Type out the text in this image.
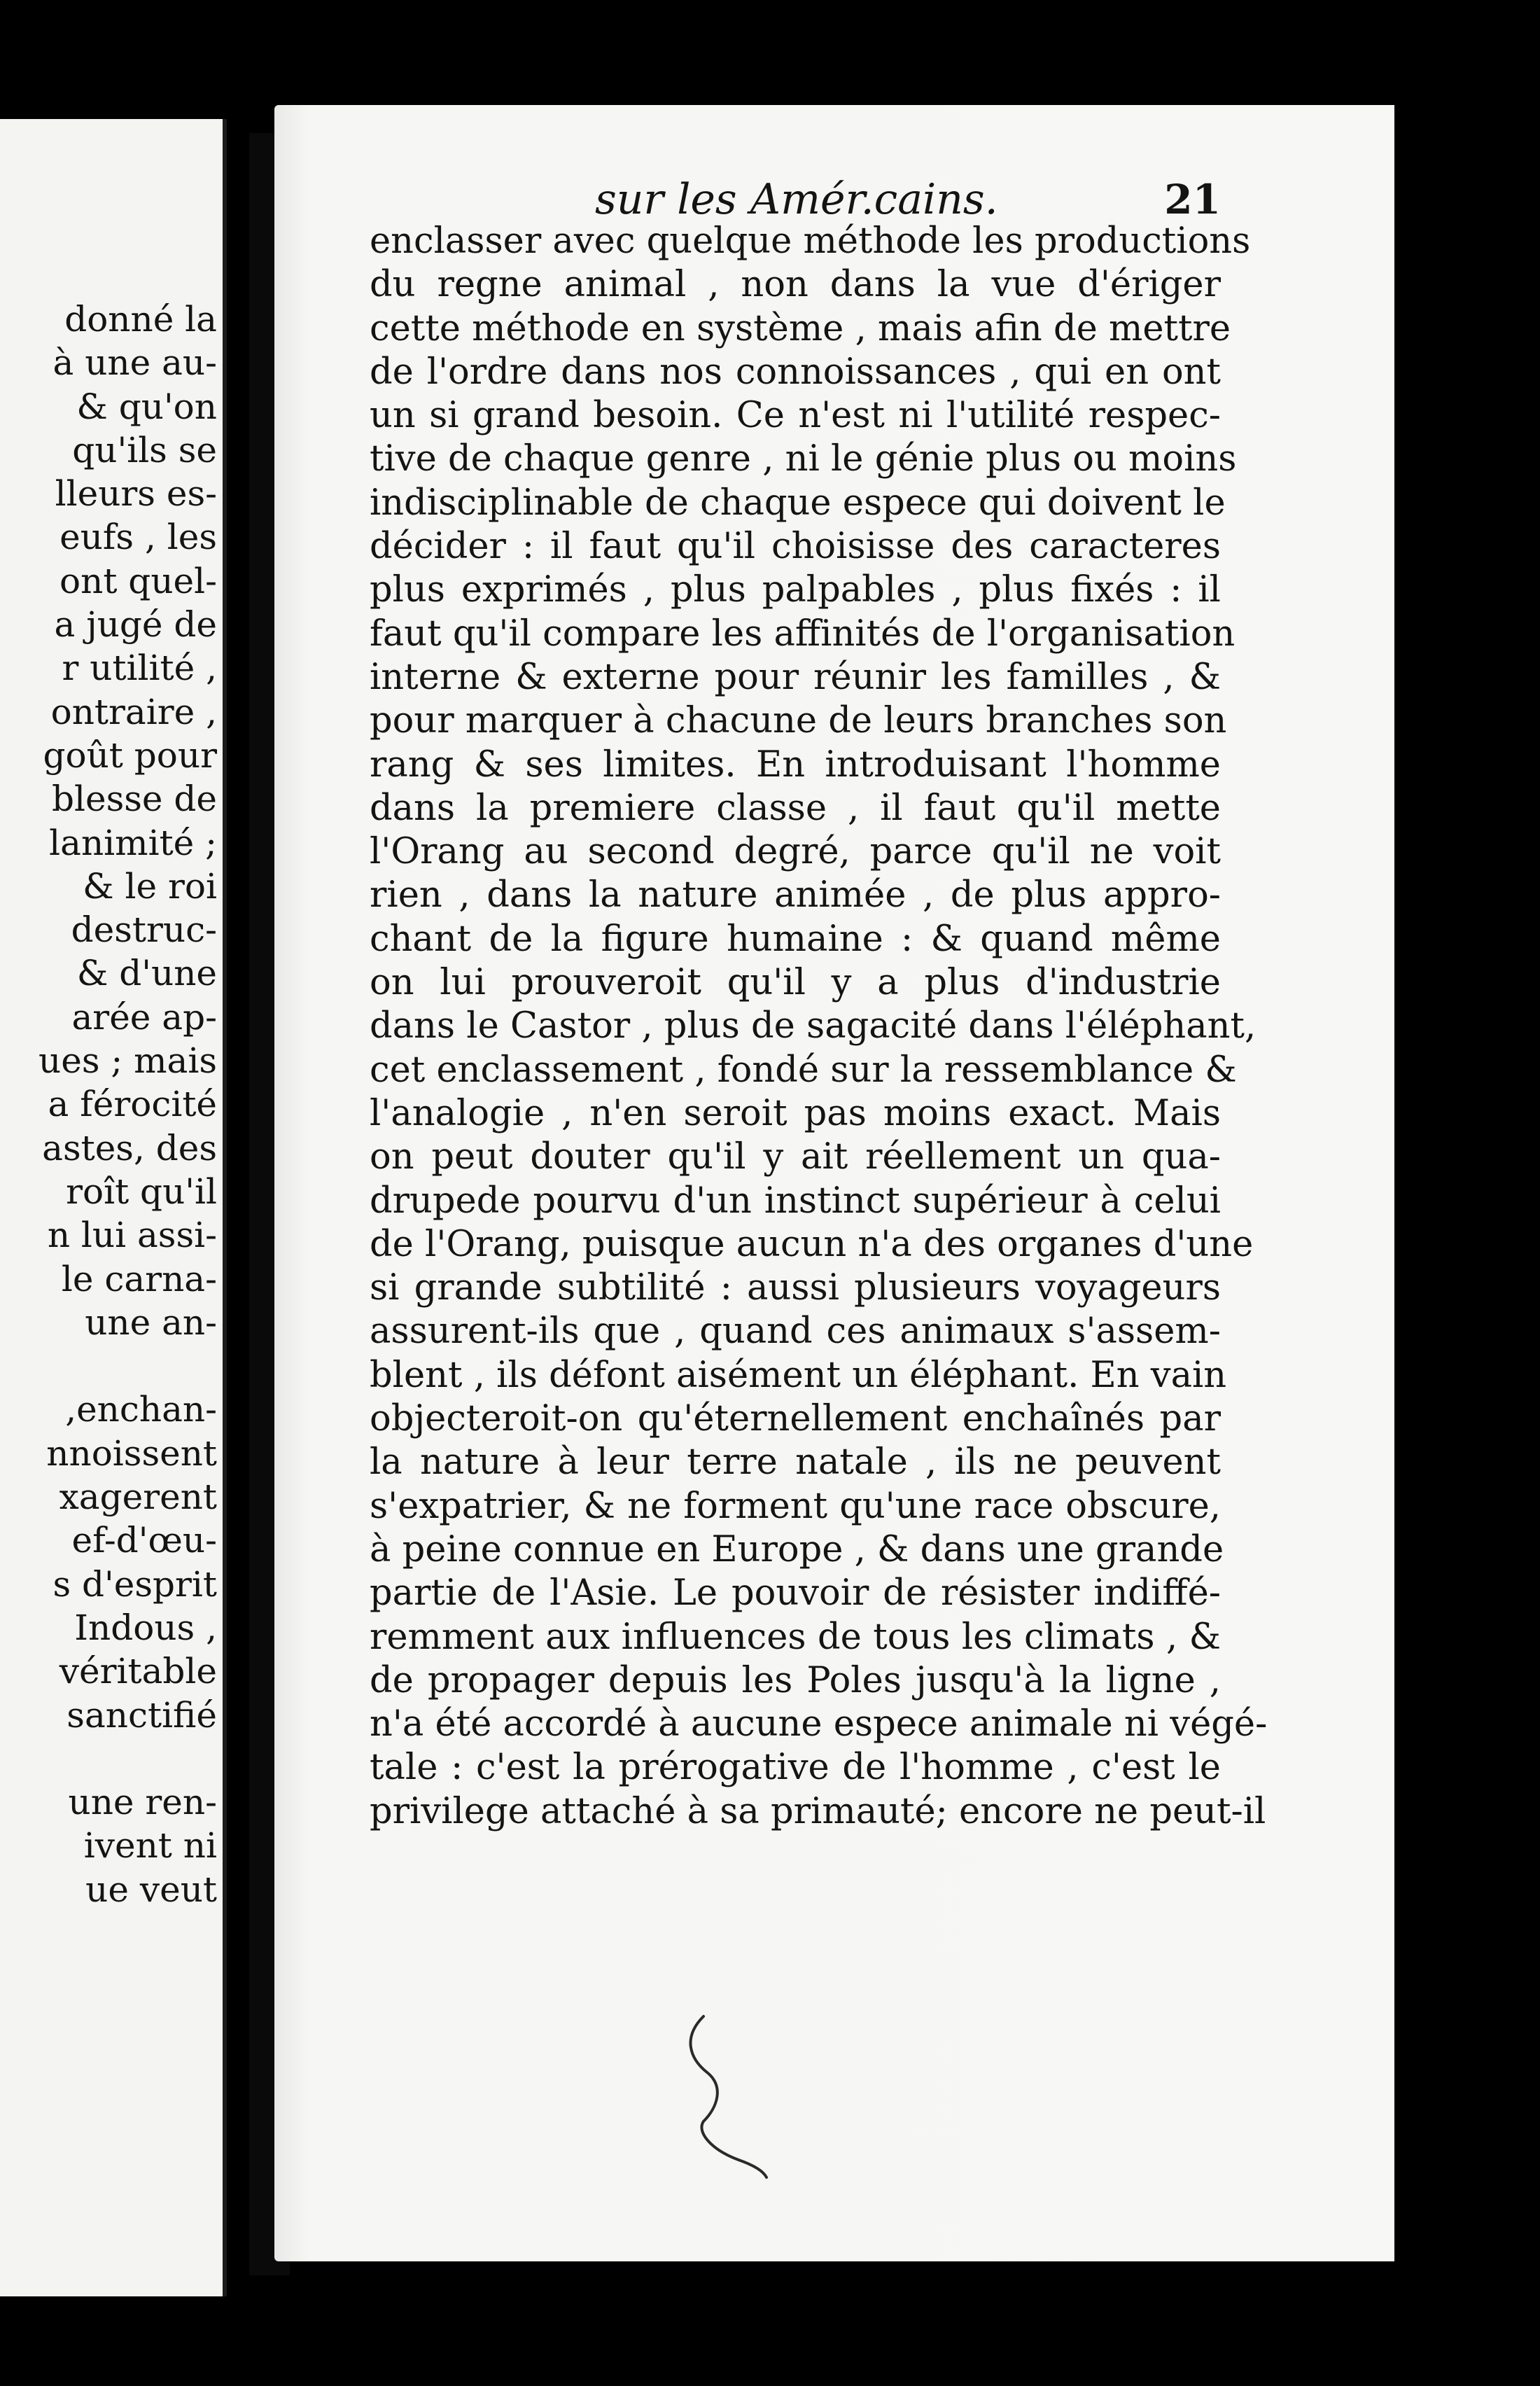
donné la
à une au-
& qu'on
qu'ils se
lleurs es-
eufs , les
ont quel-
a jugé de
r utilité ,
ontraire ,
goût pour
blesse de
lanimité ;
& le roi
destruc-
& d'une
arée ap-
ues ; mais
a férocité
astes, des
roît qu'il
n lui assi-
le carna-
une an-
,enchan-
nnoissent
xagerent
ef-d'œu-
s d'esprit
Indous ,
véritable
sanctifié
une ren-
ivent ni
ue veut
sur les Amér.cains.	21
enclasser avec quelque méthode les productions
du regne animal , non dans la vue d'ériger
cette méthode en système , mais afin de mettre
de l'ordre dans nos connoissances , qui en ont
un si grand besoin. Ce n'est ni l'utilité respec-
tive de chaque genre , ni le génie plus ou moins
indisciplinable de chaque espece qui doivent le
décider : il faut qu'il choisisse des caracteres
plus exprimés , plus palpables , plus fixés : il
faut qu'il compare les affinités de l'organisation
interne & externe pour réunir les familles , &
pour marquer à chacune de leurs branches son
rang & ses limites. En introduisant l'homme
dans la premiere classe , il faut qu'il mette
l'Orang au second degré, parce qu'il ne voit
rien , dans la nature animée , de plus appro-
chant de la figure humaine : & quand même
on lui prouveroit qu'il y a plus d'industrie
dans le Castor , plus de sagacité dans l'éléphant,
cet enclassement , fondé sur la ressemblance &
l'analogie , n'en seroit pas moins exact. Mais
on peut douter qu'il y ait réellement un qua-
drupede pourvu d'un instinct supérieur à celui
de l'Orang, puisque aucun n'a des organes d'une
si grande subtilité : aussi plusieurs voyageurs
assurent-ils que , quand ces animaux s'assem-
blent , ils défont aisément un éléphant. En vain
objecteroit-on qu'éternellement enchaînés par
la nature à leur terre natale , ils ne peuvent
s'expatrier, & ne forment qu'une race obscure,
à peine connue en Europe , & dans une grande
partie de l'Asie. Le pouvoir de résister indiffé-
remment aux influences de tous les climats , &
de propager depuis les Poles jusqu'à la ligne ,
n'a été accordé à aucune espece animale ni végé-
tale : c'est la prérogative de l'homme , c'est le
privilege attaché à sa primauté; encore ne peut-il
